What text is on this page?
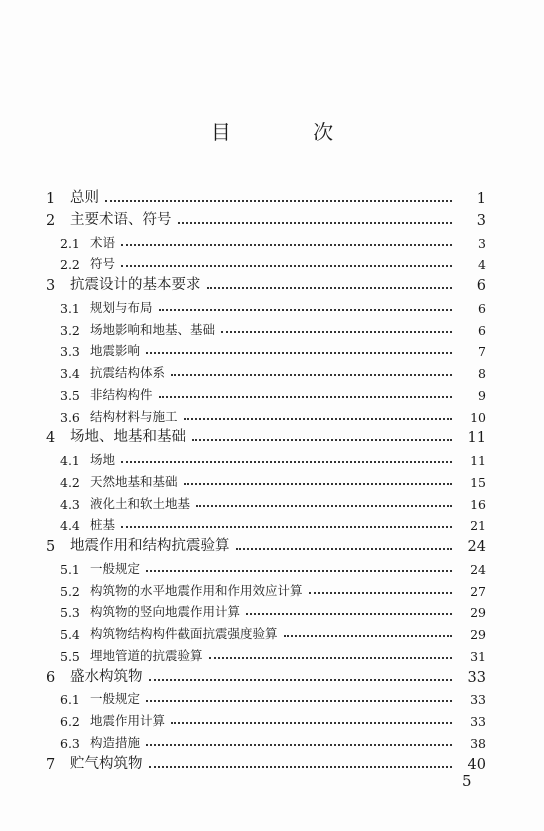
目 次
1	总则	1
2	主要术语、符号	3
2.1 术语	3
2.2 符号	4
3	抗震设计的基本要求	6
3.1 规划与布局	6
3.2 场地影响和地基、基础	6
3.3 地震影响	7
3.4 抗震结构体系	8
3.5 非结构构件	9
3.6 结构材料与施工	10
4	场地、地基和基础	11
4.1 场地	11
4.2 天然地基和基础	15
4.3 液化土和软土地基	16
4.4 桩基	21
5	地震作用和结构抗震验算	24
5.1 一般规定	24
5.2 构筑物的水平地震作用和作用效应计算	27
5.3 构筑物的竖向地震作用计算	29
5.4 构筑物结构构件截面抗震强度验算	29
5.5 埋地管道的抗震验算	31
6	盛水构筑物	33
6.1 一般规定	33
6.2 地震作用计算	33
6.3 构造措施	38
7	贮气构筑物	40
5
